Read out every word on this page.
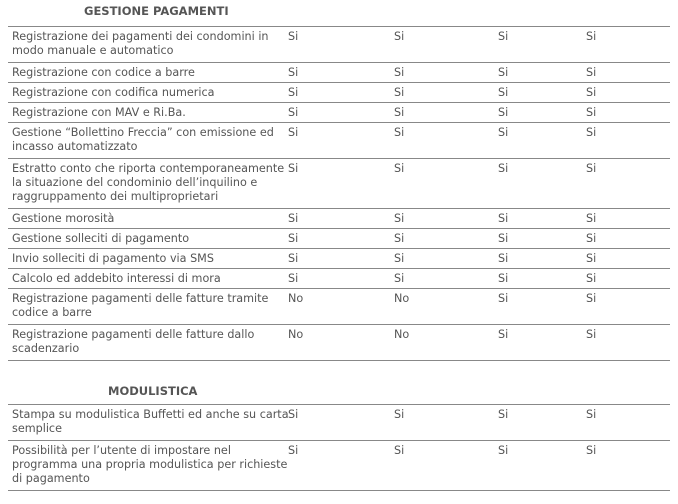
GESTIONE PAGAMENTI
Registrazione dei pagamenti dei condomini in
modo manuale e automatico
Si	Si	Si	Si
Registrazione con codice a barre	Si	Si	Si	Si
Registrazione con codifica numerica	Si	Si	Si	Si
Registrazione con MAV e Ri.Ba.	Si	Si	Si	Si
Gestione “Bollettino Freccia” con emissione ed
incasso automatizzato
Si	Si	Si	Si
Estratto conto che riporta contemporaneamente
la situazione del condominio dell’inquilino e
raggruppamento dei multiproprietari
Si	Si	Si	Si
Gestione morosità	Si	Si	Si	Si
Gestione solleciti di pagamento	Si	Si	Si	Si
Invio solleciti di pagamento via SMS	Si	Si	Si	Si
Calcolo ed addebito interessi di mora	Si	Si	Si	Si
Registrazione pagamenti delle fatture tramite
codice a barre
No	No	Si	Si
Registrazione pagamenti delle fatture dallo
scadenzario
No	No	Si	Si
MODULISTICA
Stampa su modulistica Buffetti ed anche su carta
semplice
Si	Si	Si	Si
Possibilità per l’utente di impostare nel
programma una propria modulistica per richieste
di pagamento
Si	Si	Si	Si
